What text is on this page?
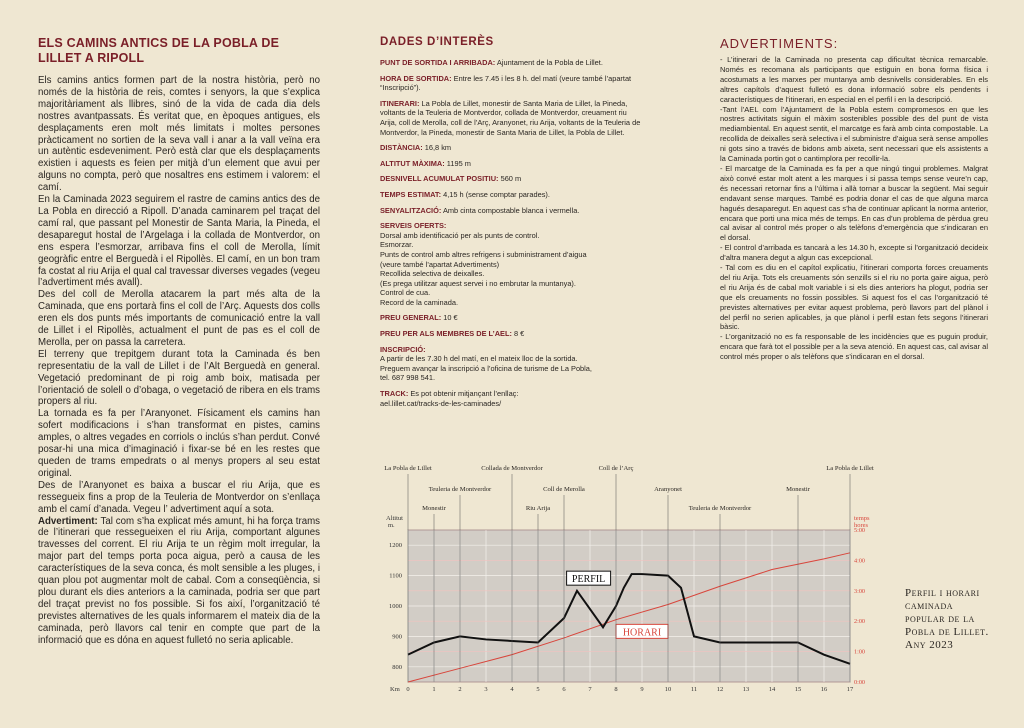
ELS CAMINS ANTICS DE LA POBLA DE LILLET A RIPOLL

Els camins antics formen part de la nostra història, però no només de la història de reis, comtes i senyors, la que s’explica majoritàriament als llibres, sinó de la vida de cada dia dels nostres avantpassats. És veritat que, en èpoques antigues, els desplaçaments eren molt més limitats i moltes persones pràcticament no sortien de la seva vall i anar a la vall veïna era un autèntic esdeveniment. Però està clar que els desplaçaments existien i aquests es feien per mitjà d’un element que avui per alguns no compta, però que nosaltres ens estimem i valorem: el camí.

En la Caminada 2023 seguirem el rastre de camins antics des de La Pobla en direcció a Ripoll. D’anada caminarem pel traçat del camí ral, que passant pel Monestir de Santa Maria, la Pineda, el desaparegut hostal de l’Argelaga i la collada de Montverdor, on ens espera l’esmorzar, arribava fins el coll de Merolla, límit geogràfic entre el Berguedà i el Ripollès. El camí, en un bon tram fa costat al riu Arija el qual cal travessar diverses vegades (vegeu l’advertiment més avall).

Des del coll de Merolla atacarem la part més alta de la Caminada, que ens portarà fins el coll de l’Arç. Aquests dos colls eren els dos punts més importants de comunicació entre la vall de Lillet i el Ripollès, actualment el punt de pas es el coll de Merolla, per on passa la carretera.

El terreny que trepitgem durant tota la Caminada és ben representatiu de la vall de Lillet i de l’Alt Berguedà en general. Vegetació predominant de pi roig amb boix, matisada per l’orientació de solell o d’obaga, o vegetació de ribera en els trams propers al riu.

La tornada es fa per l’Aranyonet. Físicament els camins han sofert modificacions i s’han transformat en pistes, camins amples, o altres vegades en corriols o inclús s’han perdut. Convé posar-hi una mica d’imaginació i fixar-se bé en les restes que queden de trams empedrats o al menys propers al seu estat original.

Des de l’Aranyonet es baixa a buscar el riu Arija, que es ressegueix fins a prop de la Teuleria de Montverdor on s’enllaça amb el camí d’anada. Vegeu l’ advertiment aquí a sota.

Advertiment: Tal com s’ha explicat més amunt, hi ha força trams de l’itinerari que ressegueixen el riu Arija, comportant algunes travesses del corrent. El riu Arija te un règim molt irregular, la major part del temps porta poca aigua, però a causa de les característiques de la seva conca, és molt sensible a les pluges, i quan plou pot augmentar molt de cabal. Com a conseqüència, si plou durant els dies anteriors a la caminada, podria ser que part del traçat previst no fos possible. Si fos així, l’organització té previstes alternatives de les quals informarem el mateix dia de la caminada, però llavors cal tenir en compte que part de la informació que es dóna en aquest fulletó no seria aplicable.

DADES D’INTERÈS
PUNT DE SORTIDA I ARRIBADA: Ajuntament de la Pobla de Lillet.
HORA DE SORTIDA: Entre les 7.45 i les 8 h. del matí (veure també l’apartat “Inscripció”).
ITINERARI: La Pobla de Lillet, monestir de Santa Maria de Lillet, la Pineda, voltants de la Teuleria de Montverdor, collada de Montverdor, creuament riu Arija, coll de Merolla, coll de l’Arç, Aranyonet, riu Arija, voltants de la Teuleria de Montverdor, la Pineda, monestir de Santa Maria de Lillet, la Pobla de Lillet.
DISTÀNCIA: 16,8 km
ALTITUT MÀXIMA: 1195 m
DESNIVELL ACUMULAT POSITIU: 560 m
TEMPS ESTIMAT: 4,15 h (sense comptar parades).
SENYALITZACIÓ: Amb cinta compostable blanca i vermella.
SERVEIS OFERTS:
Dorsal amb identificació per als punts de control.
Esmorzar.
Punts de control amb altres refrigens i subministrament d’aigua
(veure també l’apartat Advertiments)
Recollida selectiva de deixalles.
(Es prega utilitzar aquest servei i no embrutar la muntanya).
Control de cua.
Record de la caminada.
PREU GENERAL: 10 €
PREU PER ALS MEMBRES DE L’AEL: 8 €
INSCRIPCIÓ:
A partir de les 7.30 h del matí, en el mateix lloc de la sortida.
Preguem avançar la inscripció a l’oficina de turisme de La Pobla,
tel. 687 998 541.
TRACK: Es pot obtenir mitjançant l’enllaç:
ael.lillet.cat/tracks-de-les-caminades/
ADVERTIMENTS:

- L’itinerari de la Caminada no presenta cap dificultat tècnica remarcable. Només es recomana als participants que estiguin en bona forma física i acostumats a les marxes per muntanya amb desnivells considerables. En els altres capítols d’aquest fulletó es dona informació sobre els pendents i característiques de l’itinerari, en especial en el perfil i en la descripció.

-Tant l’AEL com l’Ajuntament de la Pobla estem compromesos en que les nostres activitats siguin el màxim sostenibles possible des del punt de vista mediambiental. En aquest sentit, el marcatge es farà amb cinta compostable. La recollida de deixalles serà selectiva i el subministre d’aigua serà sense ampolles ni gots sino a través de bidons amb aixeta, sent necessari que els assistents a la Caminada portin got o cantimplora per recollir-la.

- El marcatge de la Caminada es fa per a que ningú tingui problemes. Malgrat això convé estar molt atent a les marques i si passa temps sense veure’n cap, és necessari retornar fins a l’última i allà tornar a buscar la següent. Mai seguir endavant sense marques. També es podria donar el cas de que alguna marca hagués desaparegut. En aquest cas s’ha de continuar aplicant la norma anterior, encara que porti una mica més de temps. En cas d’un problema de pèrdua greu cal avisar al control més proper o als telèfons d’emergència que s’indicaran en el dorsal.

- El control d’arribada es tancarà a les 14.30 h, excepte si l’organització decideix d’altra manera degut a algun cas excepcional.

- Tal com es diu en el capítol explicatiu, l’itinerari comporta forces creuaments del riu Arija. Tots els creuaments són senzills si el riu no porta gaire aigua, però el riu Arija és de cabal molt variable i si els dies anteriors ha plogut, podria ser que els creuaments no fossin possibles. Si aquest fos el cas l’organització té previstes alternatives per evitar aquest problema, però llavors part del plànol i del perfil no serien aplicables, ja que plànol i perfil estan fets segons l’itinerari bàsic.

- L’organització no es fa responsable de les incidències que es puguin produir, encara que farà tot el possible per a la seva atenció. En aquest cas, cal avisar al control més proper o als telèfons que s’indicaran en el dorsal.

0	1	2	3	4	5	6	7	8	9	10	11	12	13	14	15	16	17
Km
800
900
1000
1100
1200
0:00
1:00
2:00
3:00
4:00
5:00
Altitut
m.
temps
hores
PERFIL
HORARI
La Pobla de Lillet	Collada de Montverdor	Coll de l’Arç	La Pobla de Lillet
Teuleria de Montverdor	Coll de Merolla	Aranyonet	Monestir
Monestir	Riu Arija	Teuleria de Montverdor
Perfil i horari caminada popular de la Pobla de Lillet. Any 2023
